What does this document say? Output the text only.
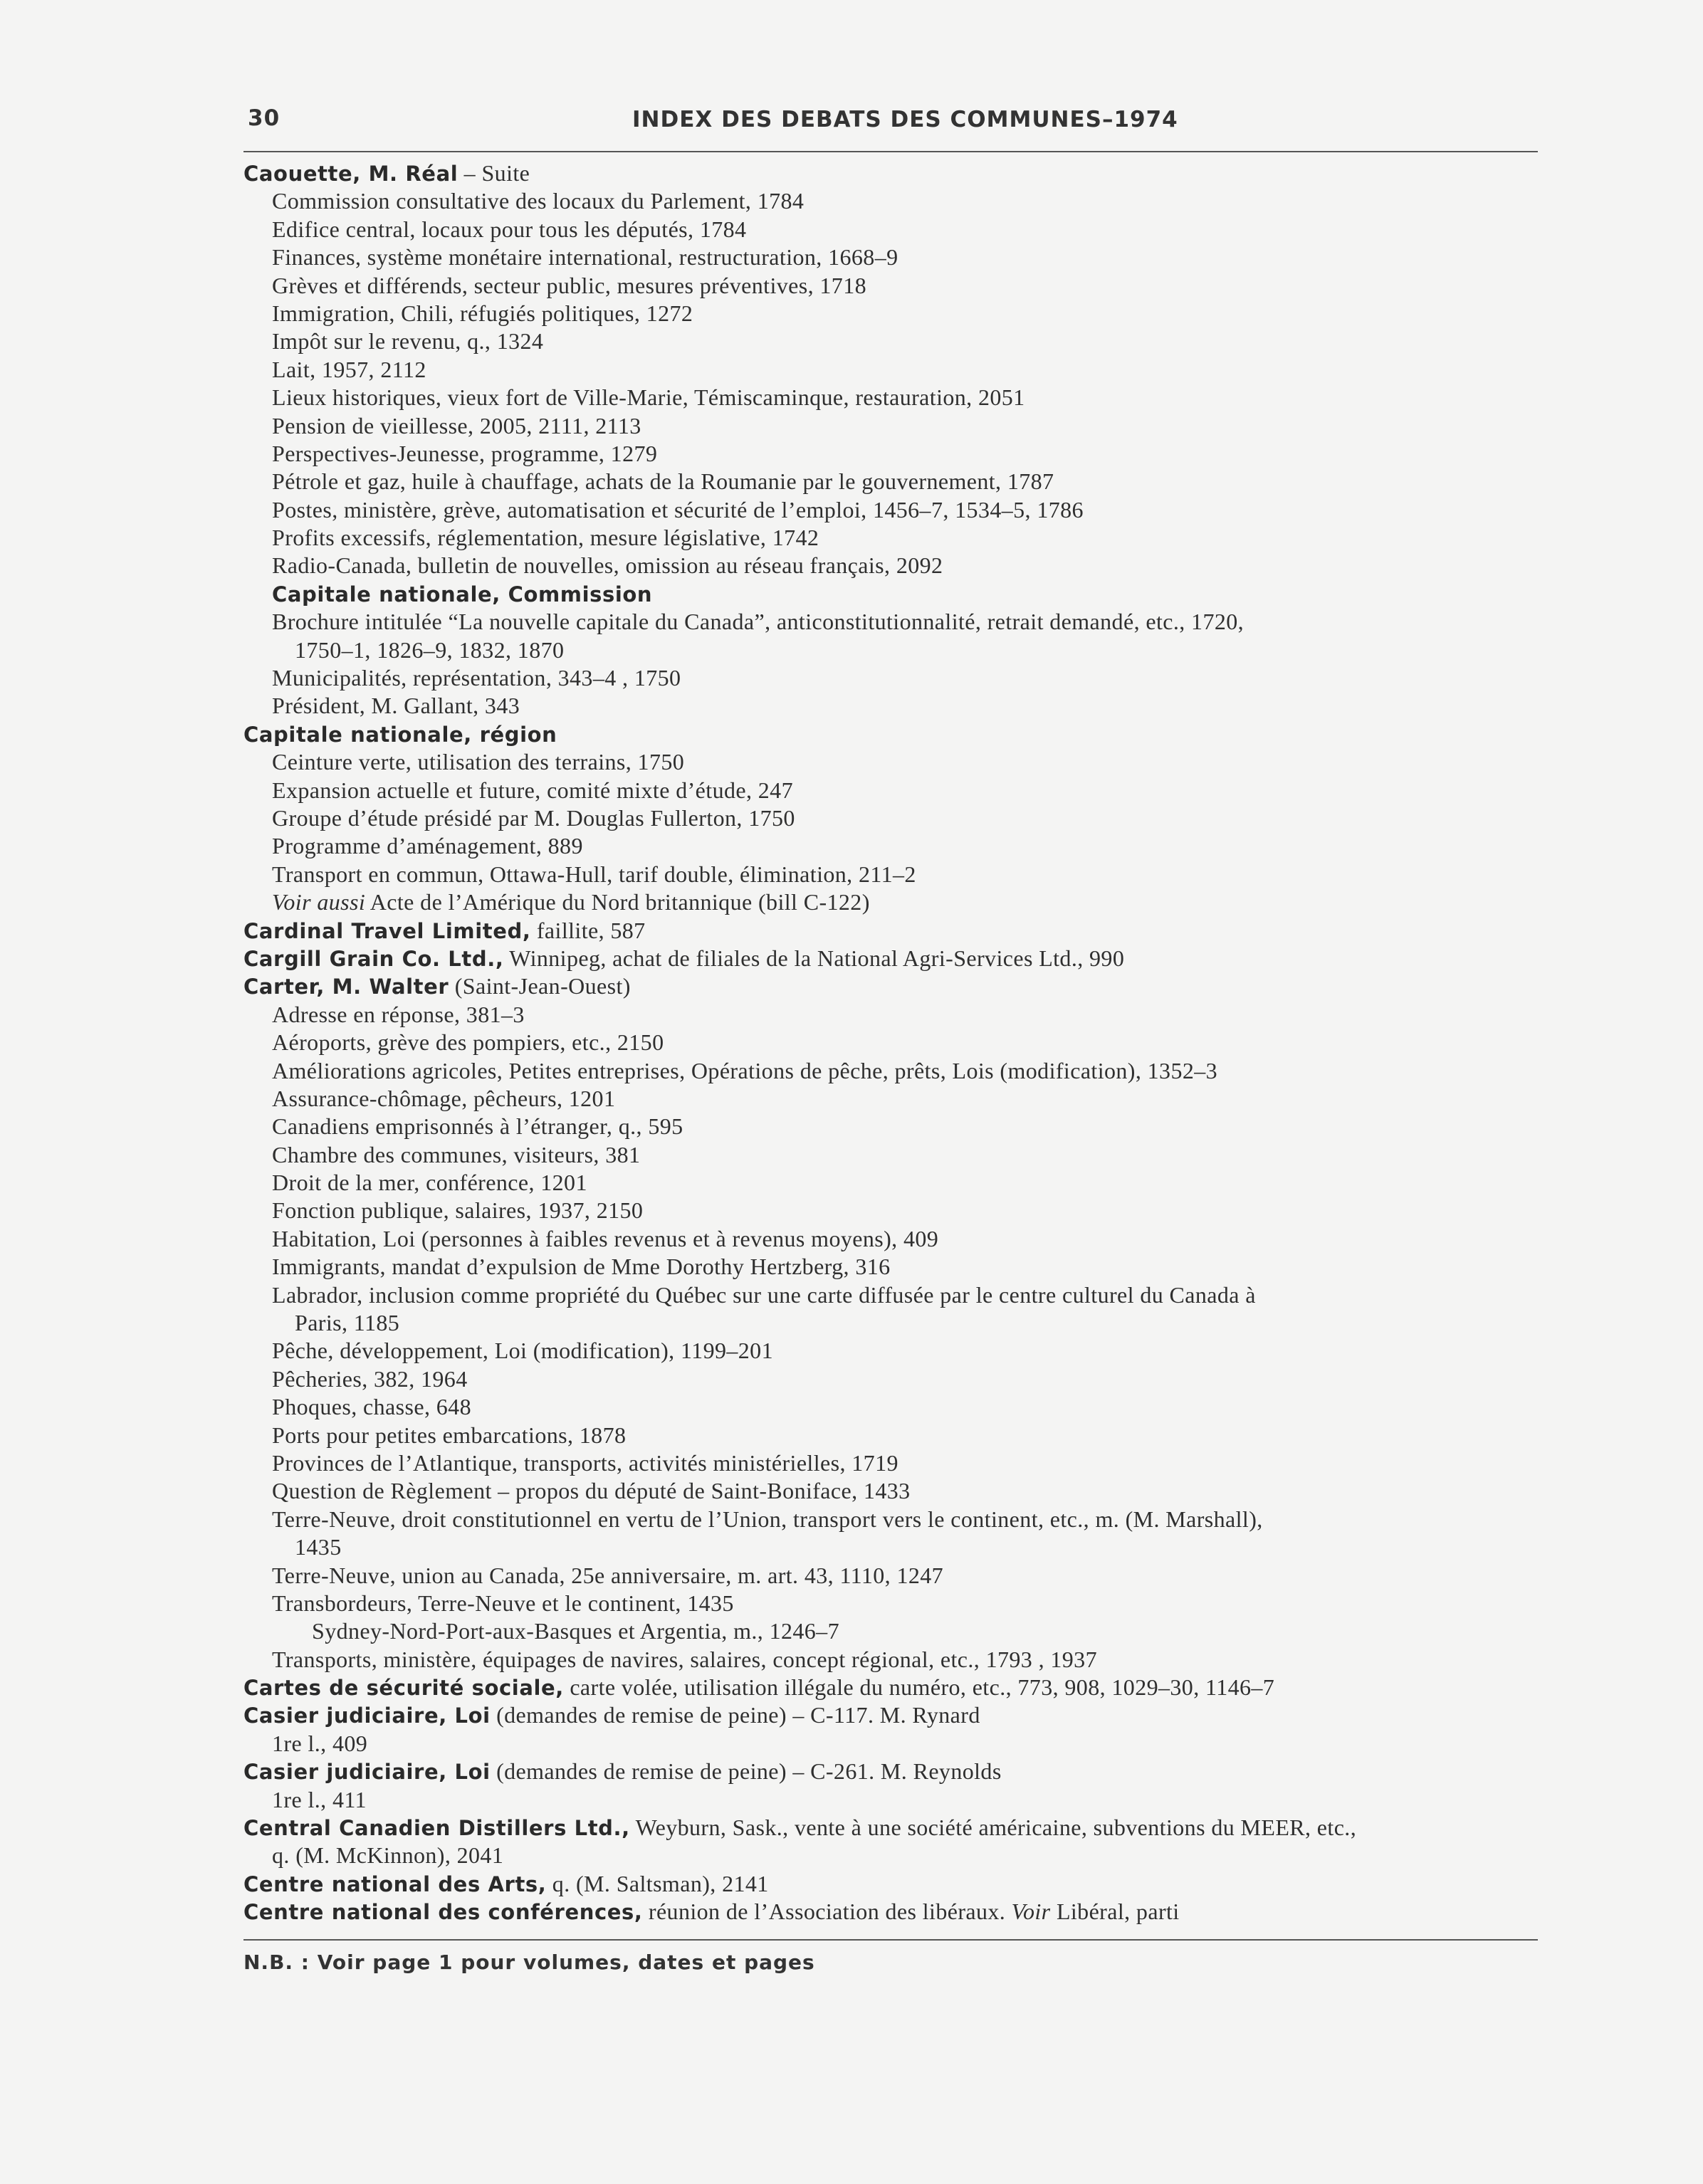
30	INDEX DES DEBATS DES COMMUNES–1974
Caouette, M. Réal – Suite
Commission consultative des locaux du Parlement, 1784
Edifice central, locaux pour tous les députés, 1784
Finances, système monétaire international, restructuration, 1668–9
Grèves et différends, secteur public, mesures préventives, 1718
Immigration, Chili, réfugiés politiques, 1272
Impôt sur le revenu, q., 1324
Lait, 1957, 2112
Lieux historiques, vieux fort de Ville-Marie, Témiscaminque, restauration, 2051
Pension de vieillesse, 2005, 2111, 2113
Perspectives-Jeunesse, programme, 1279
Pétrole et gaz, huile à chauffage, achats de la Roumanie par le gouvernement, 1787
Postes, ministère, grève, automatisation et sécurité de l’emploi, 1456–7, 1534–5, 1786
Profits excessifs, réglementation, mesure législative, 1742
Radio-Canada, bulletin de nouvelles, omission au réseau français, 2092
Capitale nationale, Commission
Brochure intitulée “La nouvelle capitale du Canada”, anticonstitutionnalité, retrait demandé, etc., 1720,
1750–1, 1826–9, 1832, 1870
Municipalités, représentation, 343–4 , 1750
Président, M. Gallant, 343
Capitale nationale, région
Ceinture verte, utilisation des terrains, 1750
Expansion actuelle et future, comité mixte d’étude, 247
Groupe d’étude présidé par M. Douglas Fullerton, 1750
Programme d’aménagement, 889
Transport en commun, Ottawa-Hull, tarif double, élimination, 211–2
Voir aussi Acte de l’Amérique du Nord britannique (bill C-122)
Cardinal Travel Limited, faillite, 587
Cargill Grain Co. Ltd., Winnipeg, achat de filiales de la National Agri-Services Ltd., 990
Carter, M. Walter (Saint-Jean-Ouest)
Adresse en réponse, 381–3
Aéroports, grève des pompiers, etc., 2150
Améliorations agricoles, Petites entreprises, Opérations de pêche, prêts, Lois (modification), 1352–3
Assurance-chômage, pêcheurs, 1201
Canadiens emprisonnés à l’étranger, q., 595
Chambre des communes, visiteurs, 381
Droit de la mer, conférence, 1201
Fonction publique, salaires, 1937, 2150
Habitation, Loi (personnes à faibles revenus et à revenus moyens), 409
Immigrants, mandat d’expulsion de Mme Dorothy Hertzberg, 316
Labrador, inclusion comme propriété du Québec sur une carte diffusée par le centre culturel du Canada à
Paris, 1185
Pêche, développement, Loi (modification), 1199–201
Pêcheries, 382, 1964
Phoques, chasse, 648
Ports pour petites embarcations, 1878
Provinces de l’Atlantique, transports, activités ministérielles, 1719
Question de Règlement – propos du député de Saint-Boniface, 1433
Terre-Neuve, droit constitutionnel en vertu de l’Union, transport vers le continent, etc., m. (M. Marshall),
1435
Terre-Neuve, union au Canada, 25e anniversaire, m. art. 43, 1110, 1247
Transbordeurs, Terre-Neuve et le continent, 1435
Sydney-Nord-Port-aux-Basques et Argentia, m., 1246–7
Transports, ministère, équipages de navires, salaires, concept régional, etc., 1793 , 1937
Cartes de sécurité sociale, carte volée, utilisation illégale du numéro, etc., 773, 908, 1029–30, 1146–7
Casier judiciaire, Loi (demandes de remise de peine) – C-117. M. Rynard
1re l., 409
Casier judiciaire, Loi (demandes de remise de peine) – C-261. M. Reynolds
1re l., 411
Central Canadien Distillers Ltd., Weyburn, Sask., vente à une société américaine, subventions du MEER, etc.,
q. (M. McKinnon), 2041
Centre national des Arts, q. (M. Saltsman), 2141
Centre national des conférences, réunion de l’Association des libéraux. Voir Libéral, parti
N.B. : Voir page 1 pour volumes, dates et pages
